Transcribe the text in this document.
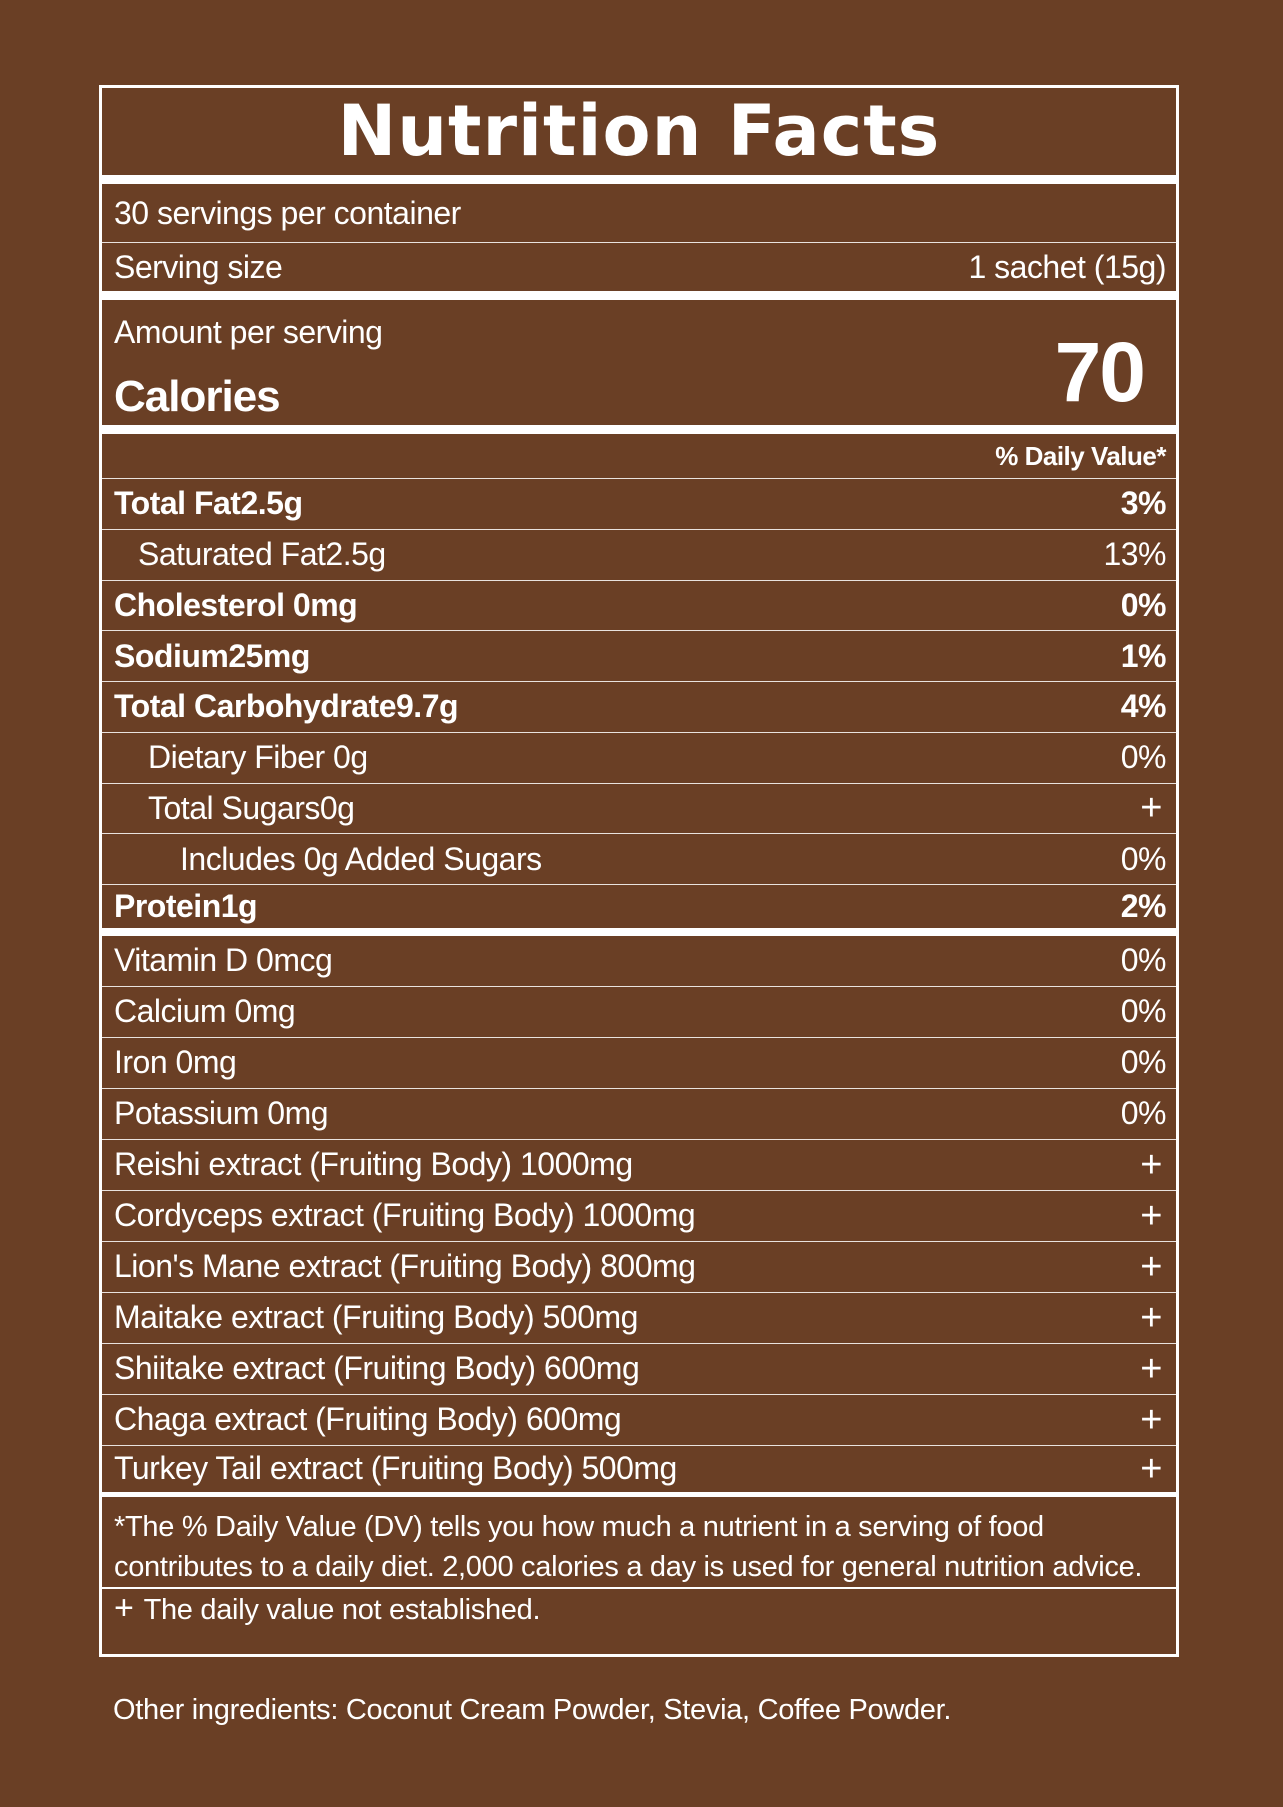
Nutrition Facts
30 servings per container
Serving size	1 sachet (15g)
Amount per serving
Calories	70
% Daily Value*
Total Fat2.5g	3%
Saturated Fat2.5g	13%
Cholesterol 0mg	0%
Sodium25mg	1%
Total Carbohydrate9.7g	4%
Dietary Fiber 0g	0%
Total Sugars0g	+
Includes 0g Added Sugars	0%
Protein1g	2%
Vitamin D 0mcg	0%
Calcium 0mg	0%
Iron 0mg	0%
Potassium 0mg	0%
Reishi extract (Fruiting Body) 1000mg	+
Cordyceps extract (Fruiting Body) 1000mg	+
Lion's Mane extract (Fruiting Body) 800mg	+
Maitake extract (Fruiting Body) 500mg	+
Shiitake extract (Fruiting Body) 600mg	+
Chaga extract (Fruiting Body) 600mg	+
Turkey Tail extract (Fruiting Body) 500mg	+
*The % Daily Value (DV) tells you how much a nutrient in a serving of food contributes to a daily diet. 2,000 calories a day is used for general nutrition advice.
+ The daily value not established.
Other ingredients: Coconut Cream Powder, Stevia, Coffee Powder.
